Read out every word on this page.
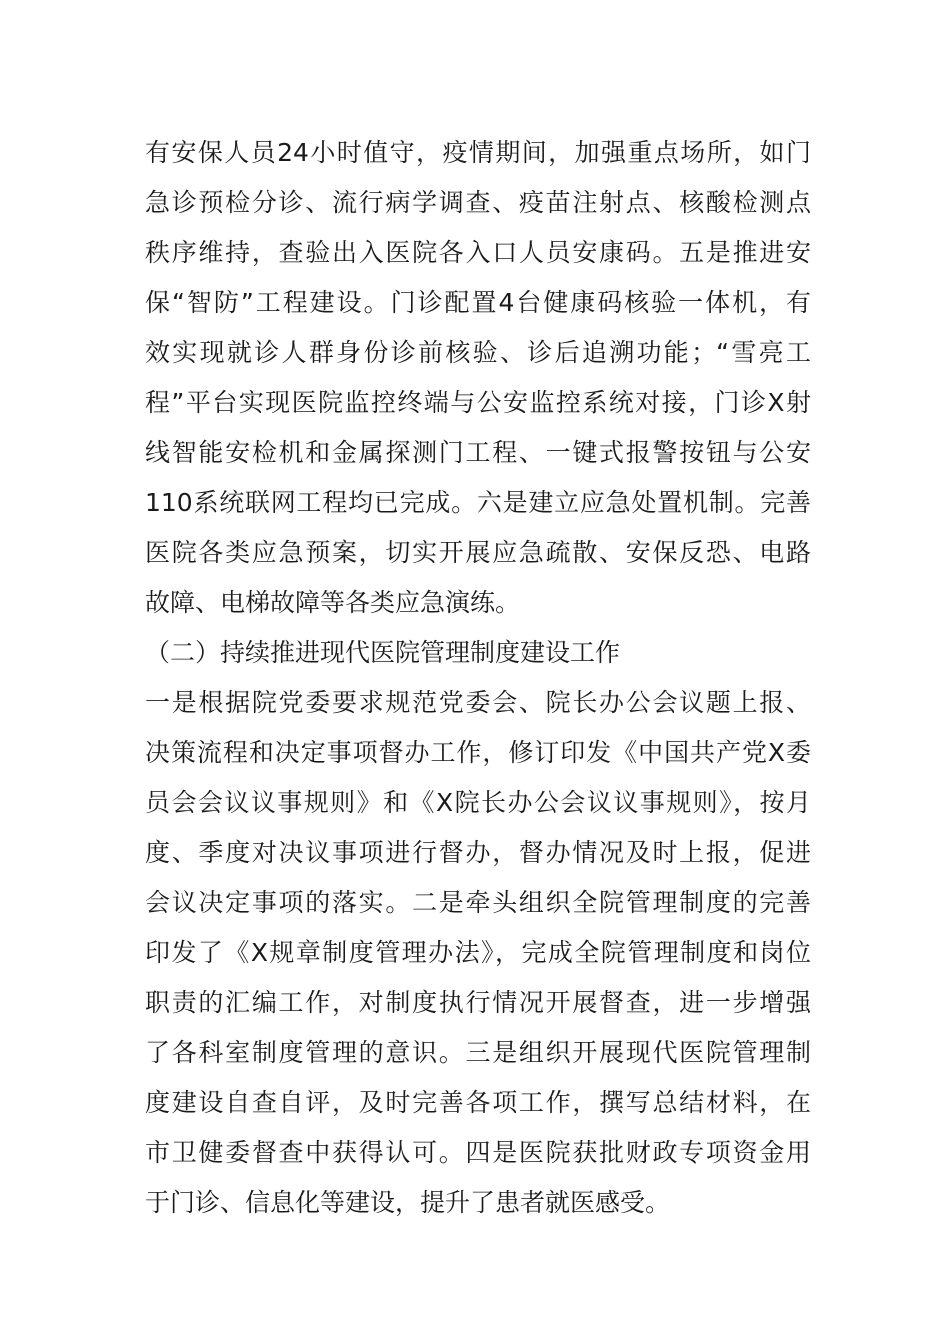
有安保人员24小时值守，疫情期间，加强重点场所，如门
急诊预检分诊、流行病学调查、疫苗注射点、核酸检测点
秩序维持，查验出入医院各入口人员安康码。五是推进安
保“智防”工程建设。门诊配置4台健康码核验一体机，有
效实现就诊人群身份诊前核验、诊后追溯功能；“雪亮工
程”平台实现医院监控终端与公安监控系统对接，门诊X射
线智能安检机和金属探测门工程、一键式报警按钮与公安
110系统联网工程均已完成。六是建立应急处置机制。完善
医院各类应急预案，切实开展应急疏散、安保反恐、电路
故障、电梯故障等各类应急演练。
（二）持续推进现代医院管理制度建设工作
一是根据院党委要求规范党委会、院长办公会议题上报、
决策流程和决定事项督办工作，修订印发《中国共产党X委
员会会议议事规则》和《X院长办公会议议事规则》，按月
度、季度对决议事项进行督办，督办情况及时上报，促进
会议决定事项的落实。二是牵头组织全院管理制度的完善
印发了《X规章制度管理办法》，完成全院管理制度和岗位
职责的汇编工作，对制度执行情况开展督查，进一步增强
了各科室制度管理的意识。三是组织开展现代医院管理制
度建设自查自评，及时完善各项工作，撰写总结材料，在
市卫健委督查中获得认可。四是医院获批财政专项资金用
于门诊、信息化等建设，提升了患者就医感受。
